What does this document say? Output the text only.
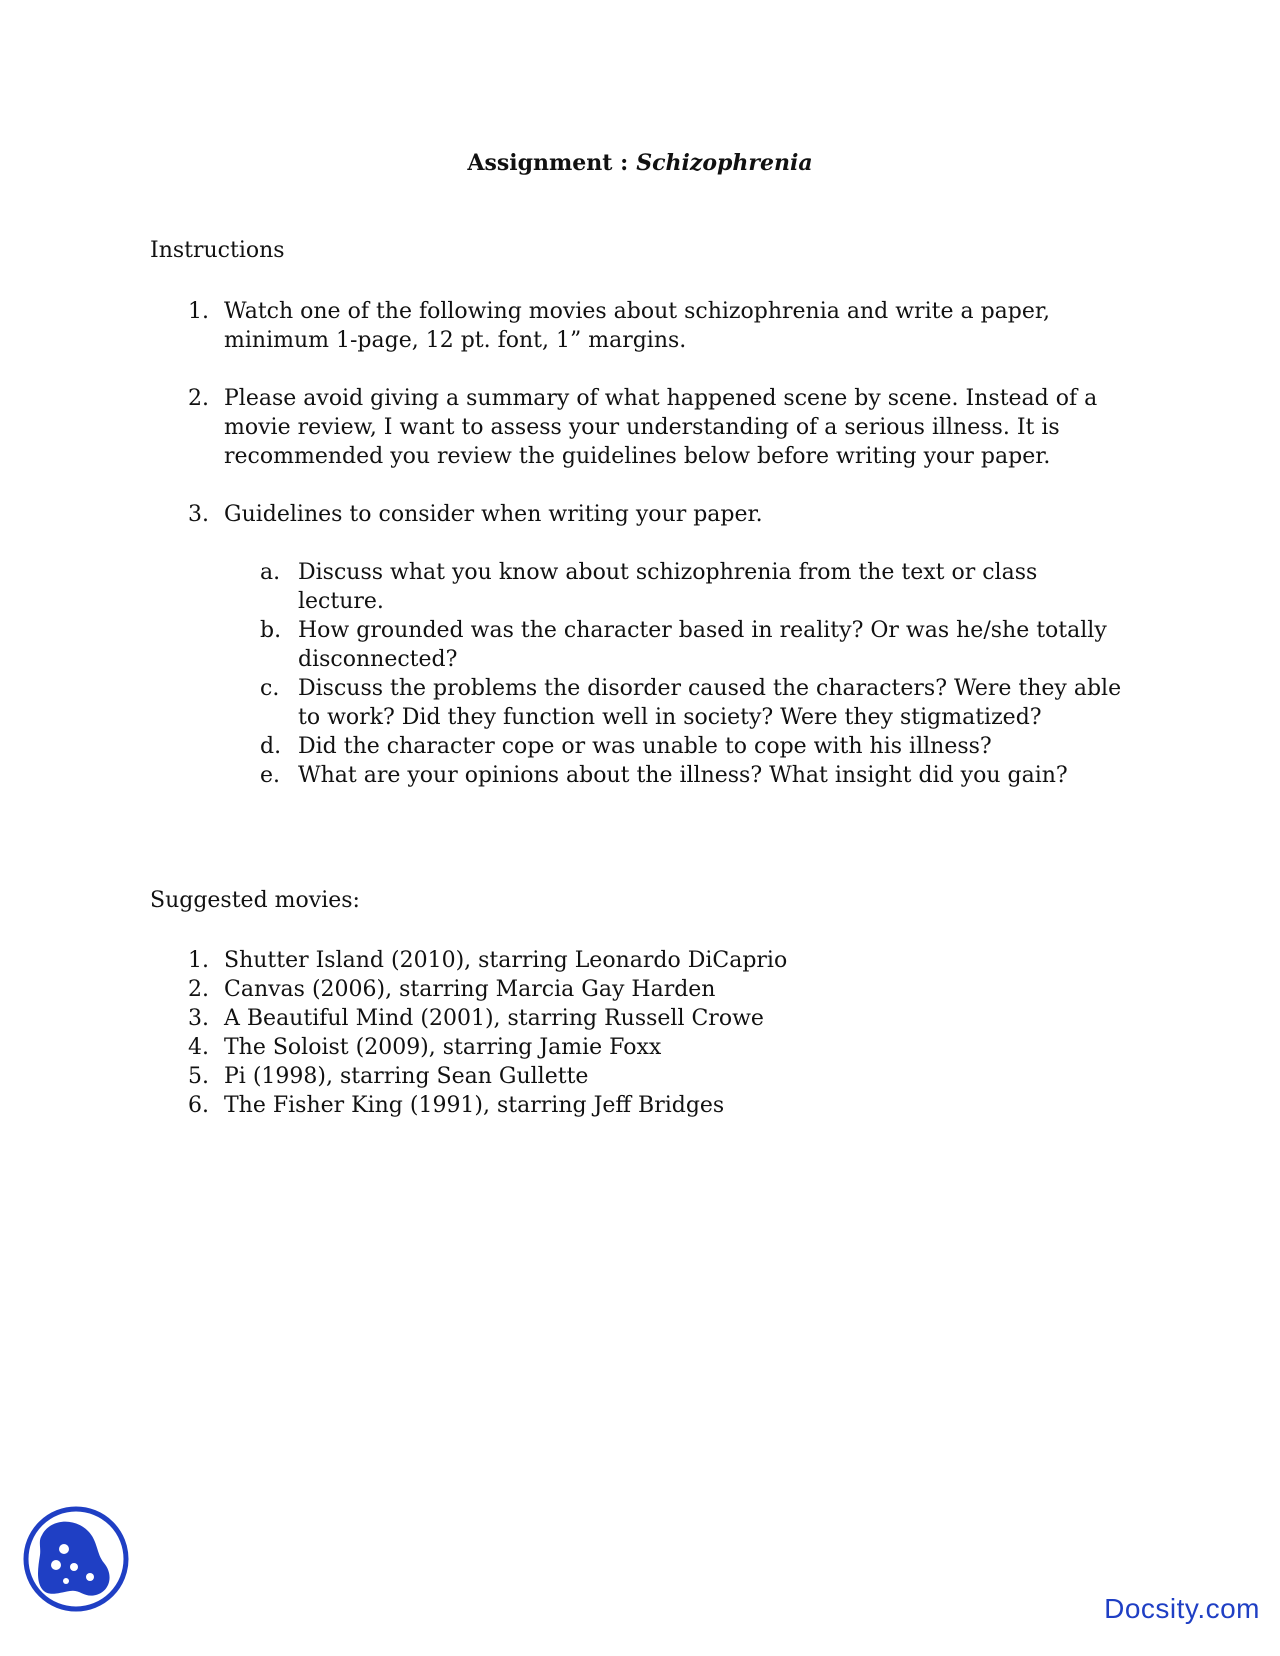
Assignment : Schizophrenia
Instructions
1. Watch one of the following movies about schizophrenia and write a paper, minimum 1-page, 12 pt. font, 1” margins.
2. Please avoid giving a summary of what happened scene by scene. Instead of a movie review, I want to assess your understanding of a serious illness. It is recommended you review the guidelines below before writing your paper.
3. Guidelines to consider when writing your paper.
a. Discuss what you know about schizophrenia from the text or class lecture.
b. How grounded was the character based in reality? Or was he/she totally disconnected?
c. Discuss the problems the disorder caused the characters? Were they able to work? Did they function well in society? Were they stigmatized?
d. Did the character cope or was unable to cope with his illness?
e. What are your opinions about the illness? What insight did you gain?
Suggested movies:
1. Shutter Island (2010), starring Leonardo DiCaprio
2. Canvas (2006), starring Marcia Gay Harden
3. A Beautiful Mind (2001), starring Russell Crowe
4. The Soloist (2009), starring Jamie Foxx
5. Pi (1998), starring Sean Gullette
6. The Fisher King (1991), starring Jeff Bridges
Docsity.com
